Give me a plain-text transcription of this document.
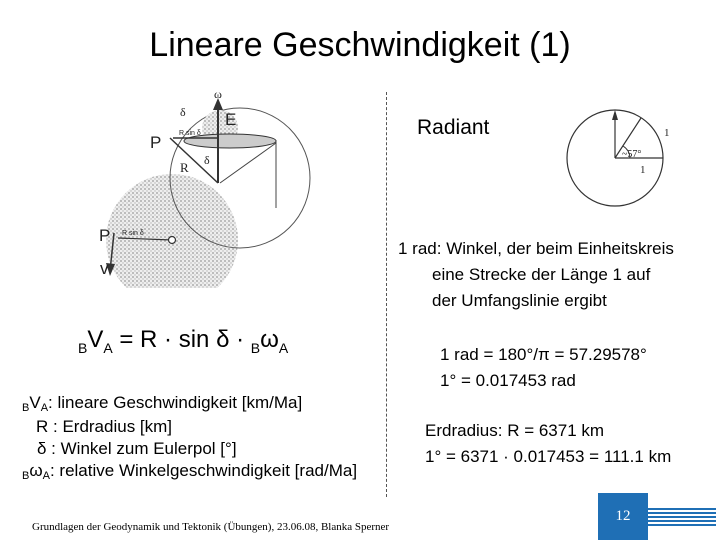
Lineare Geschwindigkeit (1)
E
P
P
R
δ
δ
ω
v
R sin δ
R sin δ
Radiant	1
~57°
1
1 rad: Winkel, der beim Einheitskreis
eine Strecke der Länge 1 auf
der Umfangslinie ergibt
1 rad = 180°/π = 57.29578°
1° = 0.017453 rad
Erdradius: R = 6371 km
1° = 6371 · 0.017453 = 111.1 km
$_BV_A = R \cdot \sin \delta \cdot _B\omega_A$
BVA: lineare Geschwindigkeit [km/Ma]
R : Erdradius [km]
δ : Winkel zum Eulerpol [°]
BωA: relative Winkelgeschwindigkeit [rad/Ma]
Grundlagen der Geodynamik und Tektonik (Übungen), 23.06.08, Blanka Sperner
12
